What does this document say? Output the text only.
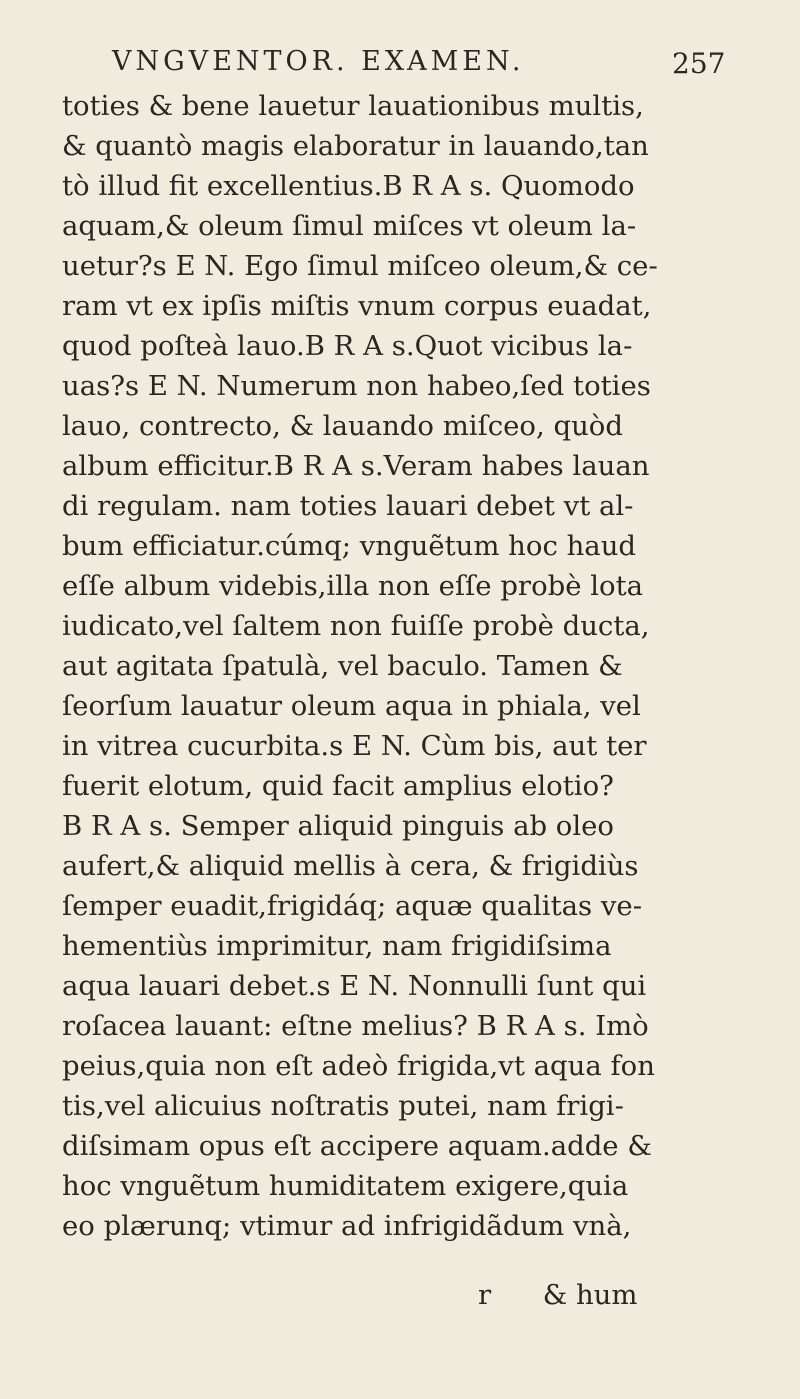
VNGVENTOR. EXAMEN.	257
toties & bene lauetur lauationibus multis,
& quantò magis elaboratur in lauando,tan
tò illud fit excellentius.B R A s. Quomodo
aquam,& oleum ſimul miſces vt oleum la-
uetur?s E N. Ego ſimul miſceo oleum,& ce-
ram vt ex ipſis miſtis vnum corpus euadat,
quod poſteà lauo.B R A s.Quot vicibus la-
uas?s E N. Numerum non habeo,ſed toties
lauo, contrecto, & lauando miſceo, quòd
album efficitur.B R A s.Veram habes lauan
di regulam. nam toties lauari debet vt al-
bum efficiatur.cúmq; vnguẽtum hoc haud
eſſe album videbis,illa non eſſe probè lota
iudicato,vel ſaltem non fuiſſe probè ducta,
aut agitata ſpatulà, vel baculo. Tamen &
ſeorſum lauatur oleum aqua in phiala, vel
in vitrea cucurbita.s E N. Cùm bis, aut ter
fuerit elotum, quid facit amplius elotio?
B R A s. Semper aliquid pinguis ab oleo
aufert,& aliquid mellis à cera, & frigidiùs
ſemper euadit,frigidáq; aquæ qualitas ve-
hementiùs imprimitur, nam frigidiſsima
aqua lauari debet.s E N. Nonnulli ſunt qui
roſacea lauant: eſtne melius? B R A s. Imò
peius,quia non eſt adeò frigida,vt aqua fon
tis,vel alicuius noſtratis putei, nam frigi-
diſsimam opus eſt accipere aquam.adde &
hoc vnguẽtum humiditatem exigere,quia
eo plærunq; vtimur ad infrigidãdum vnà,
r & hum
